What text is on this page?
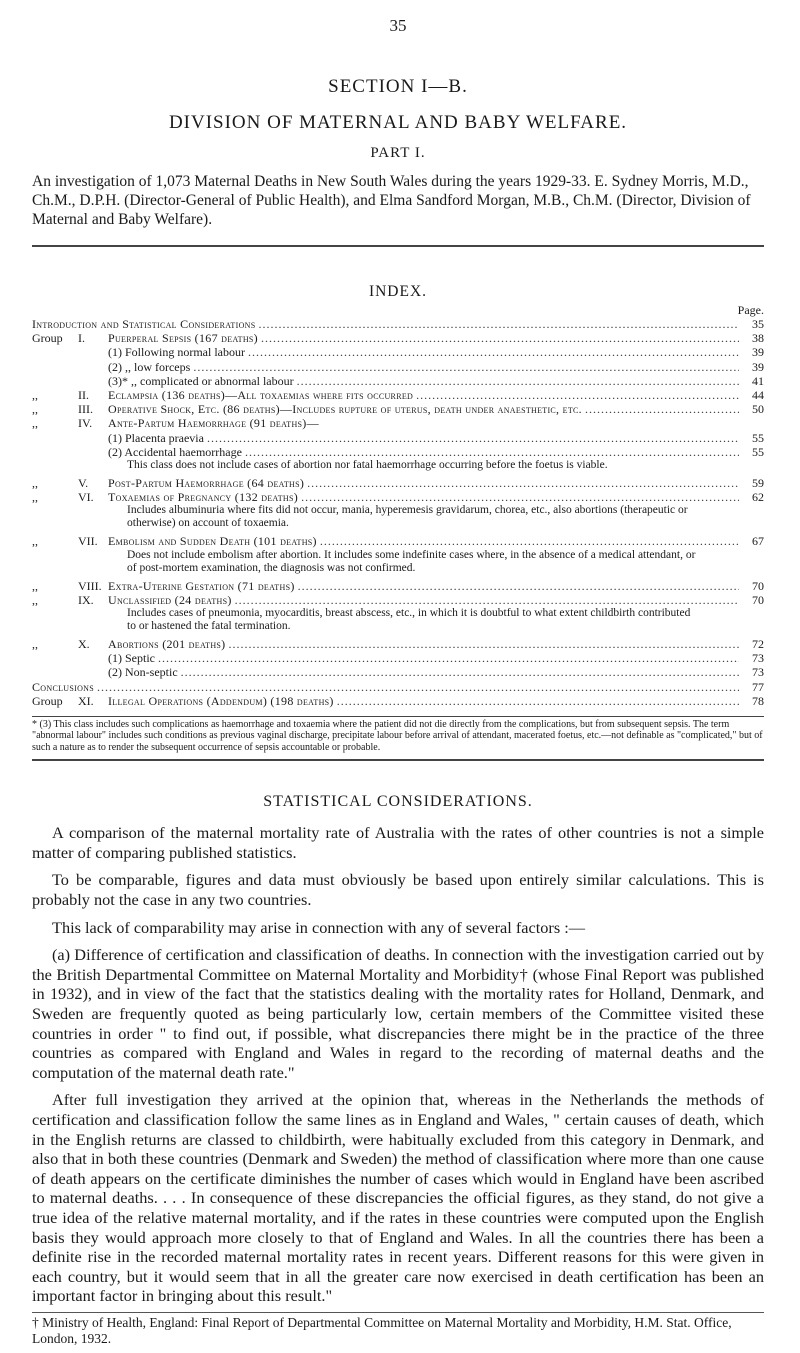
35
SECTION I—B.
DIVISION OF MATERNAL AND BABY WELFARE.
PART I.
An investigation of 1,073 Maternal Deaths in New South Wales during the years 1929-33. E. Sydney Morris, M.D., Ch.M., D.P.H. (Director-General of Public Health), and Elma Sandford Morgan, M.B., Ch.M. (Director, Division of Maternal and Baby Welfare).
INDEX.
Page.
Introduction and Statistical Considerations . . .	35
Group	I.	Puerperal Sepsis (167 deaths) . . .	38
(1) Following normal labour . . .	39
(2) ,, low forceps . . .	39
(3)* ,, complicated or abnormal labour . . .	41
,,	II.	Eclampsia (136 deaths)—All toxaemias where fits occurred . . .	44
,,	III.	Operative Shock, Etc. (86 deaths)—Includes rupture of uterus, death under anaesthetic, etc. . . .	50
,,	IV.	Ante-Partum Haemorrhage (91 deaths)—
(1) Placenta praevia . . .	55
(2) Accidental haemorrhage . . .	55
This class does not include cases of abortion nor fatal haemorrhage occurring before the foetus is viable.
,,	V.	Post-Partum Haemorrhage (64 deaths) . . .	59
,,	VI.	Toxaemias of Pregnancy (132 deaths) . . .	62
Includes albuminuria where fits did not occur, mania, hyperemesis gravidarum, chorea, etc., also abortions (therapeutic or otherwise) on account of toxaemia.
,,	VII. Embolism and Sudden Death (101 deaths) . . .	67
Does not include embolism after abortion. It includes some indefinite cases where, in the absence of a medical attendant, or of post-mortem examination, the diagnosis was not confirmed.
,,	VIII. Extra-Uterine Gestation (71 deaths) . . .	70
,,	IX.	Unclassified (24 deaths) . . .	70
Includes cases of pneumonia, myocarditis, breast abscess, etc., in which it is doubtful to what extent childbirth contributed to or hastened the fatal termination.
,,	X.	Abortions (201 deaths) . . .	72
(1) Septic . . .	73
(2) Non-septic . . .	73
Conclusions . . .	77
Group	XI.	Illegal Operations (Addendum) (198 deaths) . . .	78
* (3) This class includes such complications as haemorrhage and toxaemia where the patient did not die directly from the complications, but from subsequent sepsis. The term "abnormal labour" includes such conditions as previous vaginal discharge, precipitate labour before arrival of attendant, macerated foetus, etc.—not definable as "complicated," but of such a nature as to render the subsequent occurrence of sepsis accountable or probable.
STATISTICAL CONSIDERATIONS.

A comparison of the maternal mortality rate of Australia with the rates of other countries is not a simple matter of comparing published statistics.

To be comparable, figures and data must obviously be based upon entirely similar calculations. This is probably not the case in any two countries.

This lack of comparability may arise in connection with any of several factors :—

(a) Difference of certification and classification of deaths. In connection with the investigation carried out by the British Departmental Committee on Maternal Mortality and Morbidity† (whose Final Report was published in 1932), and in view of the fact that the statistics dealing with the mortality rates for Holland, Denmark, and Sweden are frequently quoted as being particularly low, certain members of the Committee visited these countries in order " to find out, if possible, what discrepancies there might be in the practice of the three countries as compared with England and Wales in regard to the recording of maternal deaths and the computation of the maternal death rate."

After full investigation they arrived at the opinion that, whereas in the Netherlands the methods of certification and classification follow the same lines as in England and Wales, " certain causes of death, which in the English returns are classed to childbirth, were habitually excluded from this category in Denmark, and also that in both these countries (Denmark and Sweden) the method of classification where more than one cause of death appears on the certificate diminishes the number of cases which would in England have been ascribed to maternal deaths. . . . In consequence of these discrepancies the official figures, as they stand, do not give a true idea of the relative maternal mortality, and if the rates in these countries were computed upon the English basis they would approach more closely to that of England and Wales. In all the countries there has been a definite rise in the recorded maternal mortality rates in recent years. Different reasons for this were given in each country, but it would seem that in all the greater care now exercised in death certification has been an important factor in bringing about this result."

† Ministry of Health, England: Final Report of Departmental Committee on Maternal Mortality and Morbidity, H.M. Stat. Office, London, 1932.
